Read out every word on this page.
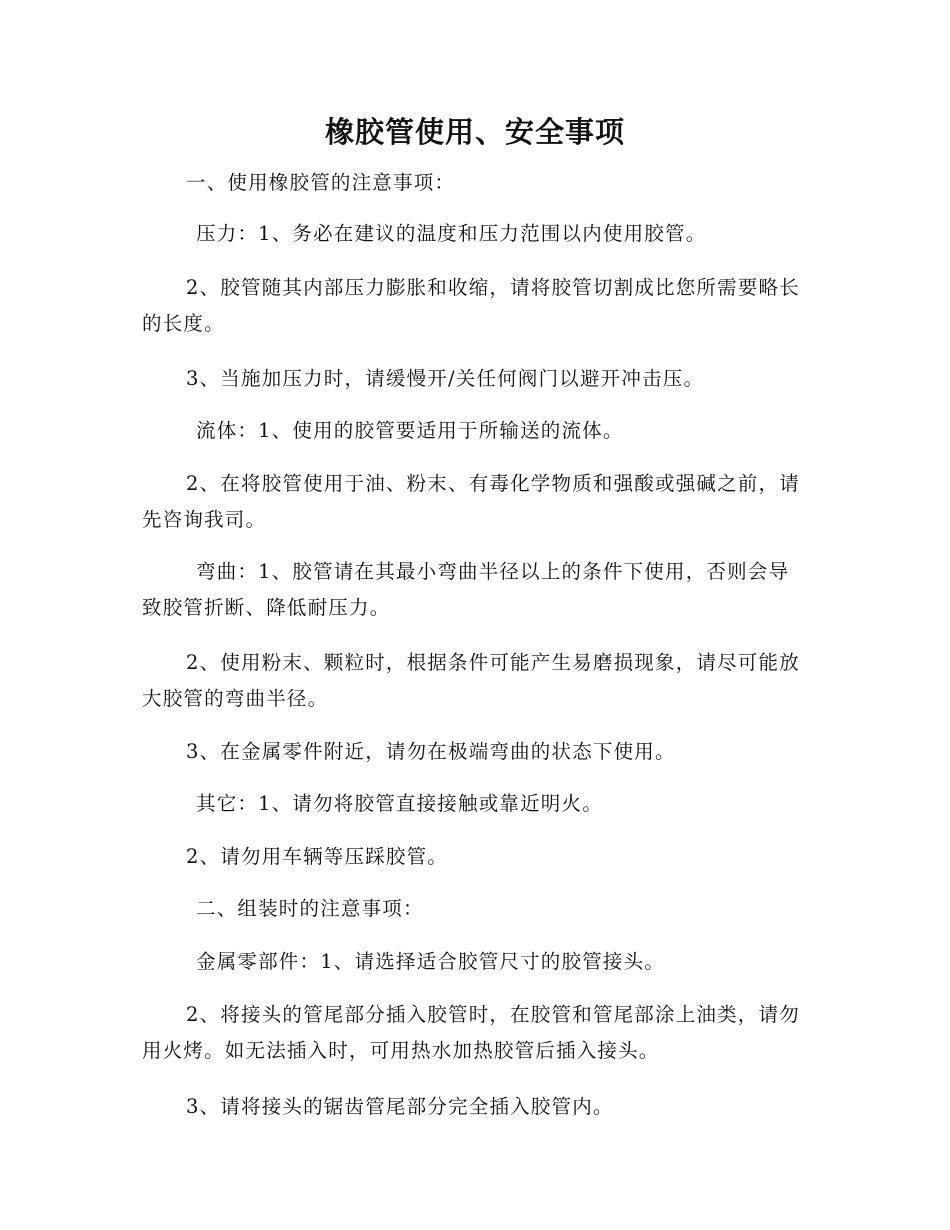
橡胶管使用、安全事项

一、使用橡胶管的注意事项：

压力：1、务必在建议的温度和压力范围以内使用胶管。

2、胶管随其内部压力膨胀和收缩，请将胶管切割成比您所需要略长的长度。

3、当施加压力时，请缓慢开/关任何阀门以避开冲击压。

流体：1、使用的胶管要适用于所输送的流体。

2、在将胶管使用于油、粉末、有毒化学物质和强酸或强碱之前，请先咨询我司。

弯曲：1、胶管请在其最小弯曲半径以上的条件下使用，否则会导致胶管折断、降低耐压力。

2、使用粉末、颗粒时，根据条件可能产生易磨损现象，请尽可能放大胶管的弯曲半径。

3、在金属零件附近，请勿在极端弯曲的状态下使用。

其它：1、请勿将胶管直接接触或靠近明火。

2、请勿用车辆等压踩胶管。

二、组装时的注意事项：

金属零部件：1、请选择适合胶管尺寸的胶管接头。

2、将接头的管尾部分插入胶管时，在胶管和管尾部涂上油类，请勿用火烤。如无法插入时，可用热水加热胶管后插入接头。

3、请将接头的锯齿管尾部分完全插入胶管内。
